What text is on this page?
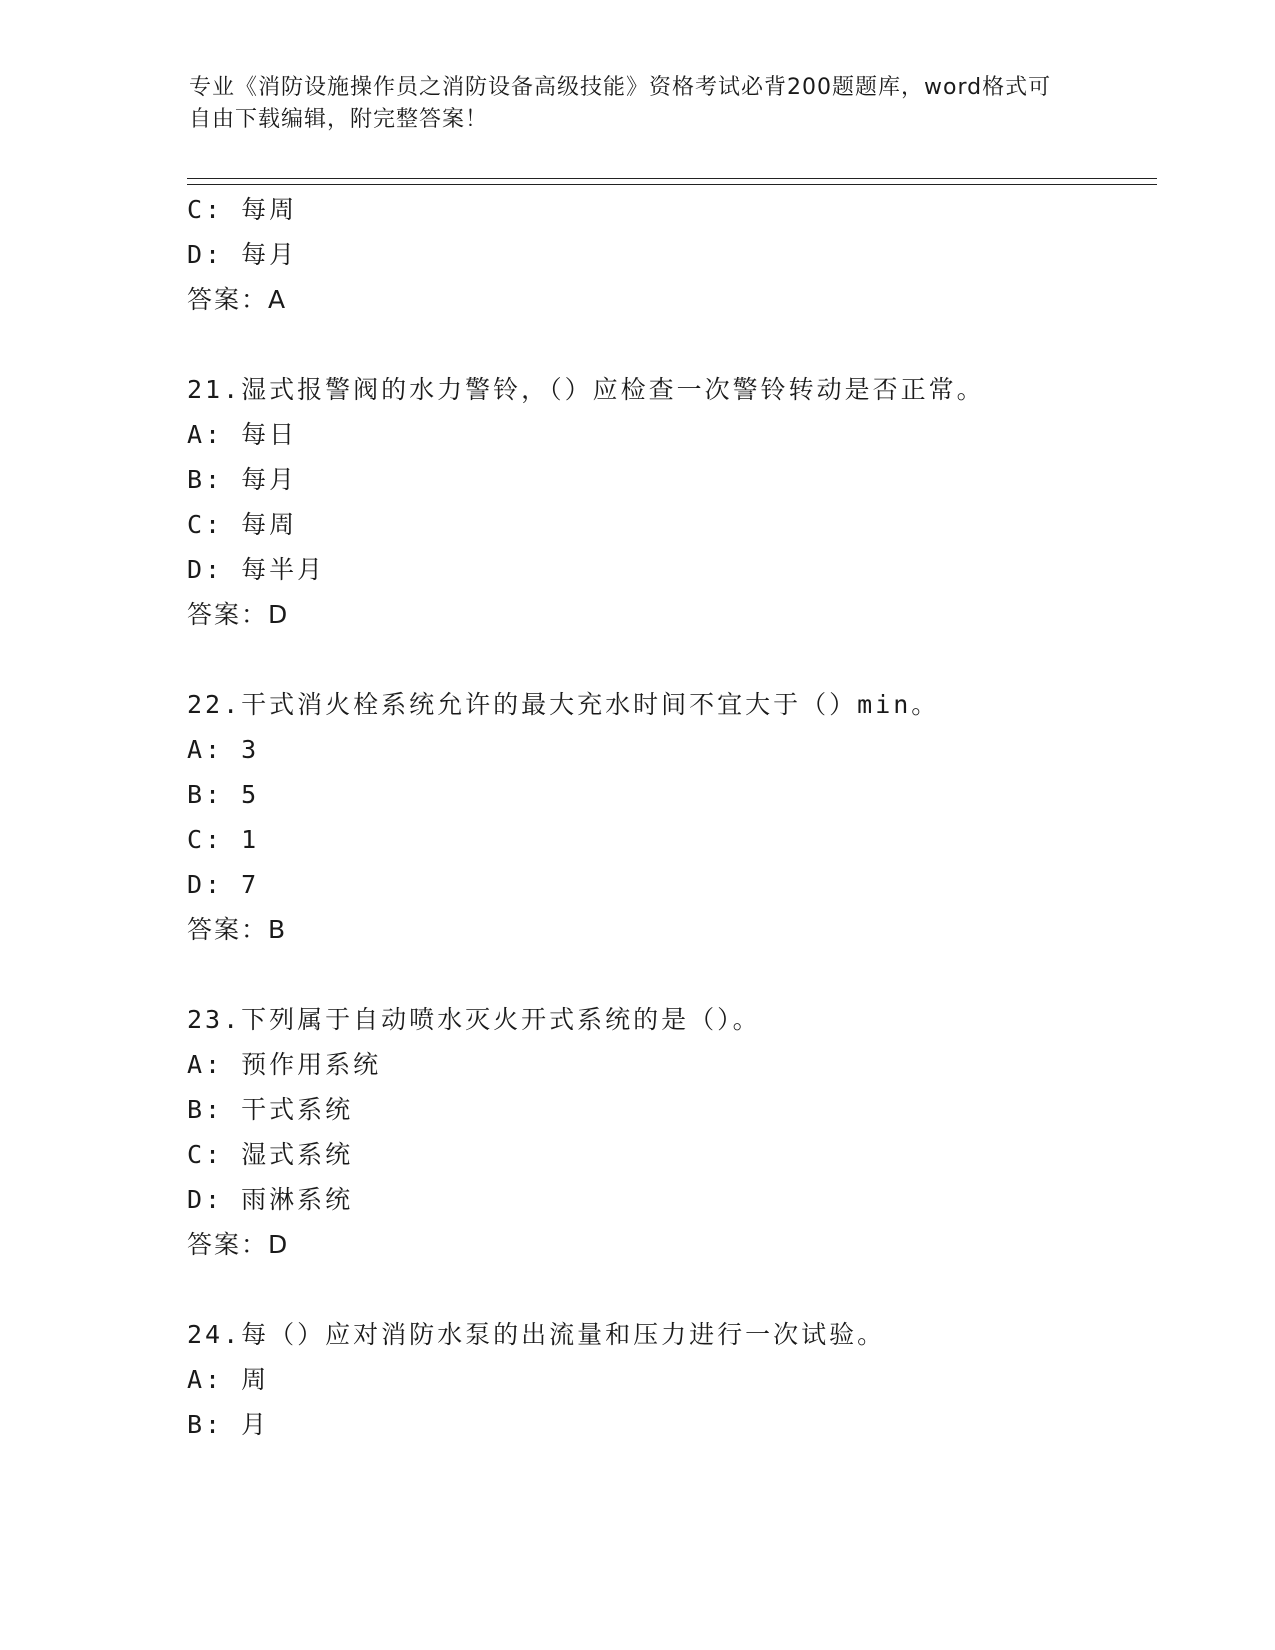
专业《消防设施操作员之消防设备高级技能》资格考试必背200题题库，word格式可自由下载编辑，附完整答案！
C: 每周
D: 每月
答案：A
21.湿式报警阀的水力警铃，（）应检查一次警铃转动是否正常。
A: 每日
B: 每月
C: 每周
D: 每半月
答案：D
22.干式消火栓系统允许的最大充水时间不宜大于（）min。
A: 3
B: 5
C: 1
D: 7
答案：B
23.下列属于自动喷水灭火开式系统的是（）。
A: 预作用系统
B: 干式系统
C: 湿式系统
D: 雨淋系统
答案：D
24.每（）应对消防水泵的出流量和压力进行一次试验。
A: 周
B: 月
